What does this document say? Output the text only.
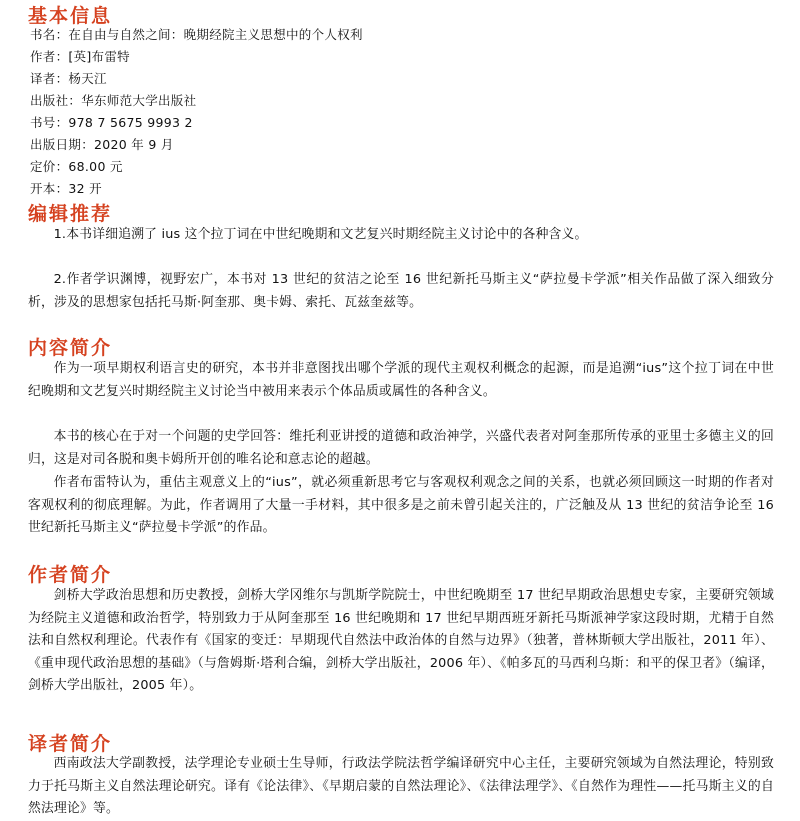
基本信息
书名：在自由与自然之间：晚期经院主义思想中的个人权利
作者：[英]布雷特
译者：杨天江
出版社：华东师范大学出版社
书号：978 7 5675 9993 2
出版日期：2020 年 9 月
定价：68.00 元
开本：32 开
编辑推荐

1.本书详细追溯了 ius 这个拉丁词在中世纪晚期和文艺复兴时期经院主义讨论中的各种含义。

2.作者学识渊博，视野宏广，本书对 13 世纪的贫洁之论至 16 世纪新托马斯主义“萨拉曼卡学派”相关作品做了深入细致分析，涉及的思想家包括托马斯·阿奎那、奥卡姆、索托、瓦兹奎兹等。

内容简介

作为一项早期权利语言史的研究，本书并非意图找出哪个学派的现代主观权利概念的起源，而是追溯“ius”这个拉丁词在中世纪晚期和文艺复兴时期经院主义讨论当中被用来表示个体品质或属性的各种含义。

本书的核心在于对一个问题的史学回答：维托利亚讲授的道德和政治神学，兴盛代表者对阿奎那所传承的亚里士多德主义的回归，这是对司各脱和奥卡姆所开创的唯名论和意志论的超越。

作者布雷特认为，重估主观意义上的“ius”，就必须重新思考它与客观权利观念之间的关系，也就必须回顾这一时期的作者对客观权利的彻底理解。为此，作者调用了大量一手材料，其中很多是之前未曾引起关注的，广泛触及从 13 世纪的贫洁争论至 16 世纪新托马斯主义“萨拉曼卡学派”的作品。

作者简介

剑桥大学政治思想和历史教授，剑桥大学冈维尔与凯斯学院院士，中世纪晚期至 17 世纪早期政治思想史专家，主要研究领域为经院主义道德和政治哲学，特别致力于从阿奎那至 16 世纪晚期和 17 世纪早期西班牙新托马斯派神学家这段时期，尤精于自然法和自然权利理论。代表作有《国家的变迁：早期现代自然法中政治体的自然与边界》（独著，普林斯顿大学出版社，2011 年）、《重申现代政治思想的基础》（与詹姆斯·塔利合编，剑桥大学出版社，2006 年）、《帕多瓦的马西利乌斯：和平的保卫者》（编译，剑桥大学出版社，2005 年）。

译者简介

西南政法大学副教授，法学理论专业硕士生导师，行政法学院法哲学编译研究中心主任，主要研究领域为自然法理论，特别致力于托马斯主义自然法理论研究。译有《论法律》、《早期启蒙的自然法理论》、《法律法理学》、《自然作为理性——托马斯主义的自然法理论》等。
